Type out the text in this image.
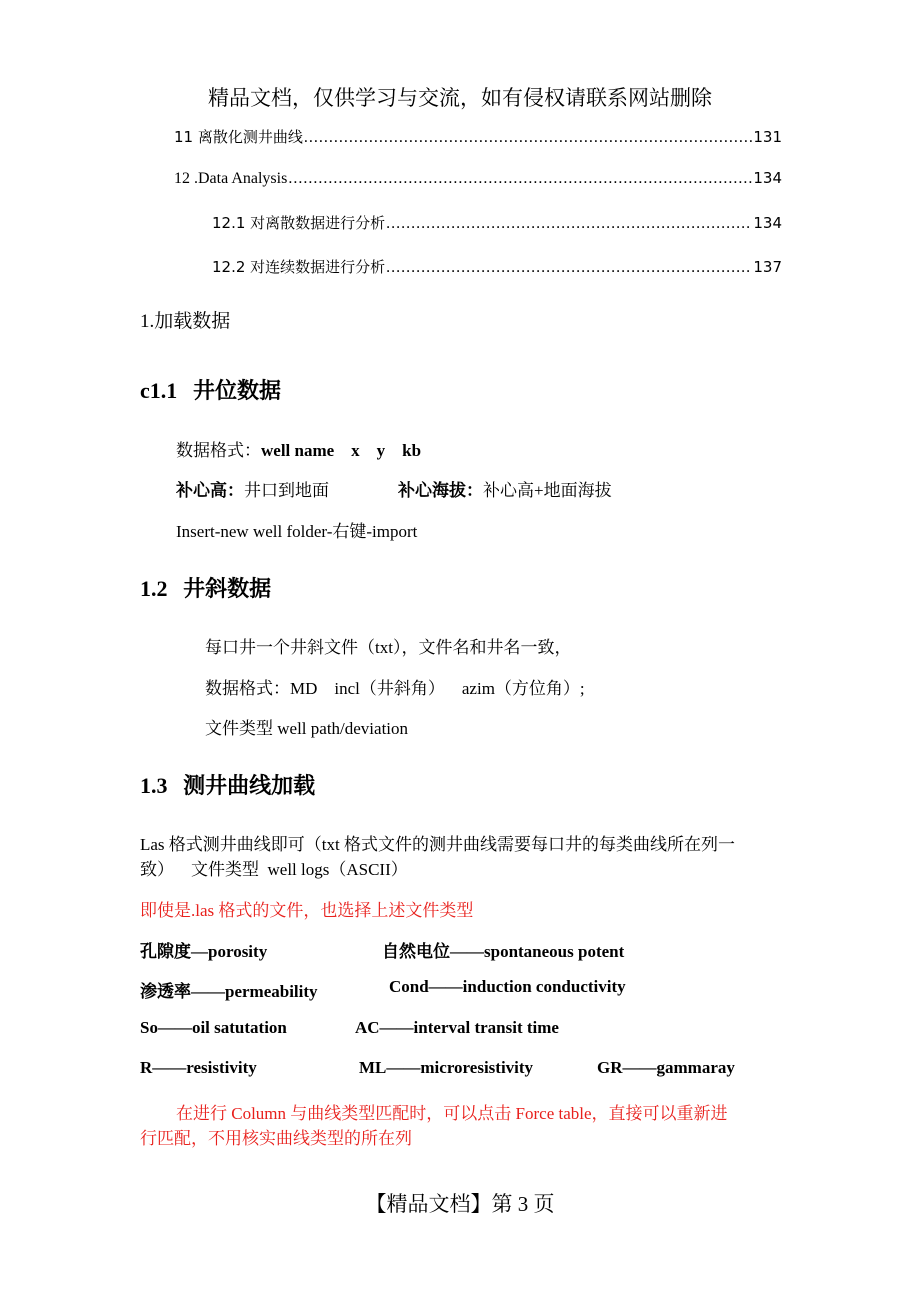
精品文档，仅供学习与交流，如有侵权请联系网站删除
11 离散化测井曲线 .....	131
12 .Data Analysis .....	134
12.1 对离散数据进行分析 .....	134
12.2 对连续数据进行分析 .....	137
1.加载数据
c1.1 井位数据
数据格式：well name    x    y    kb
补心高：井口到地面	补心海拔：补心高+地面海拔
Insert-new well folder-右键-import
1.2 井斜数据
每口井一个井斜文件（txt），文件名和井名一致，
数据格式：MD    incl（井斜角）    azim（方位角）;
文件类型 well path/deviation
1.3 测井曲线加载
Las 格式测井曲线即可（txt 格式文件的测井曲线需要每口井的每类曲线所在列一
致）    文件类型  well logs（ASCII）
即使是.las 格式的文件，也选择上述文件类型
孔隙度—porosity	自然电位——spontaneous potent
渗透率——permeability	Cond——induction conductivity
So——oil satutation	AC——interval transit time
R——resistivity	ML——microresistivity	GR——gammaray
在进行 Column 与曲线类型匹配时，可以点击 Force table，直接可以重新进
行匹配，不用核实曲线类型的所在列
【精品文档】第 3 页
